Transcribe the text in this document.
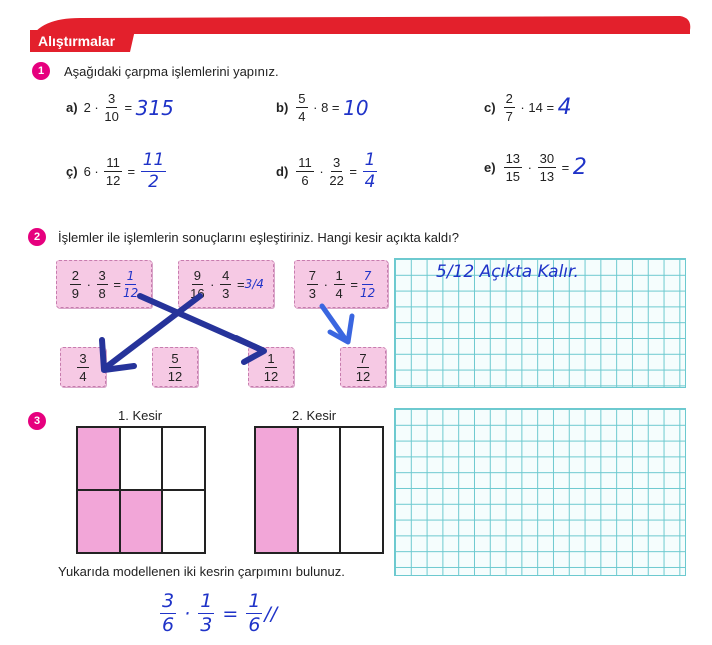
Alıştırmalar
1	Aşağıdaki çarpma işlemlerini yapınız.
a) $2 \cdot \frac{3}{10} = 315$	$b) \frac{5}{4} \cdot 8 = 10$	$c) \frac{2}{7} \cdot 14 = 4$
ç) $6 \cdot \frac{11}{12} = \frac{11}{2}$	$d) \frac{11}{6} \cdot \frac{3}{22} = \frac{1}{4}$	$e) \frac{13}{15} \cdot \frac{30}{13} = 2$
2	İşlemler ile işlemlerin sonuçlarını eşleştiriniz. Hangi kesir açıkta kaldı?
$\frac{2}{9} \cdot \frac{3}{8} = \frac{1}{12}$	$\frac{9}{16} \cdot \frac{4}{3} = 3/4$	$\frac{7}{3} \cdot \frac{1}{4} = \frac{7}{12}$
$\frac{3}{4}$	$\frac{5}{12}$	$\frac{1}{12}$	$\frac{7}{12}$
5/12 Açıkta Kalır.
3	1. Kesir	2. Kesir
Yukarıda modellenen iki kesrin çarpımını bulunuz.
$\frac{3}{6} \cdot \frac{1}{3} = \frac{1}{6}$ //
